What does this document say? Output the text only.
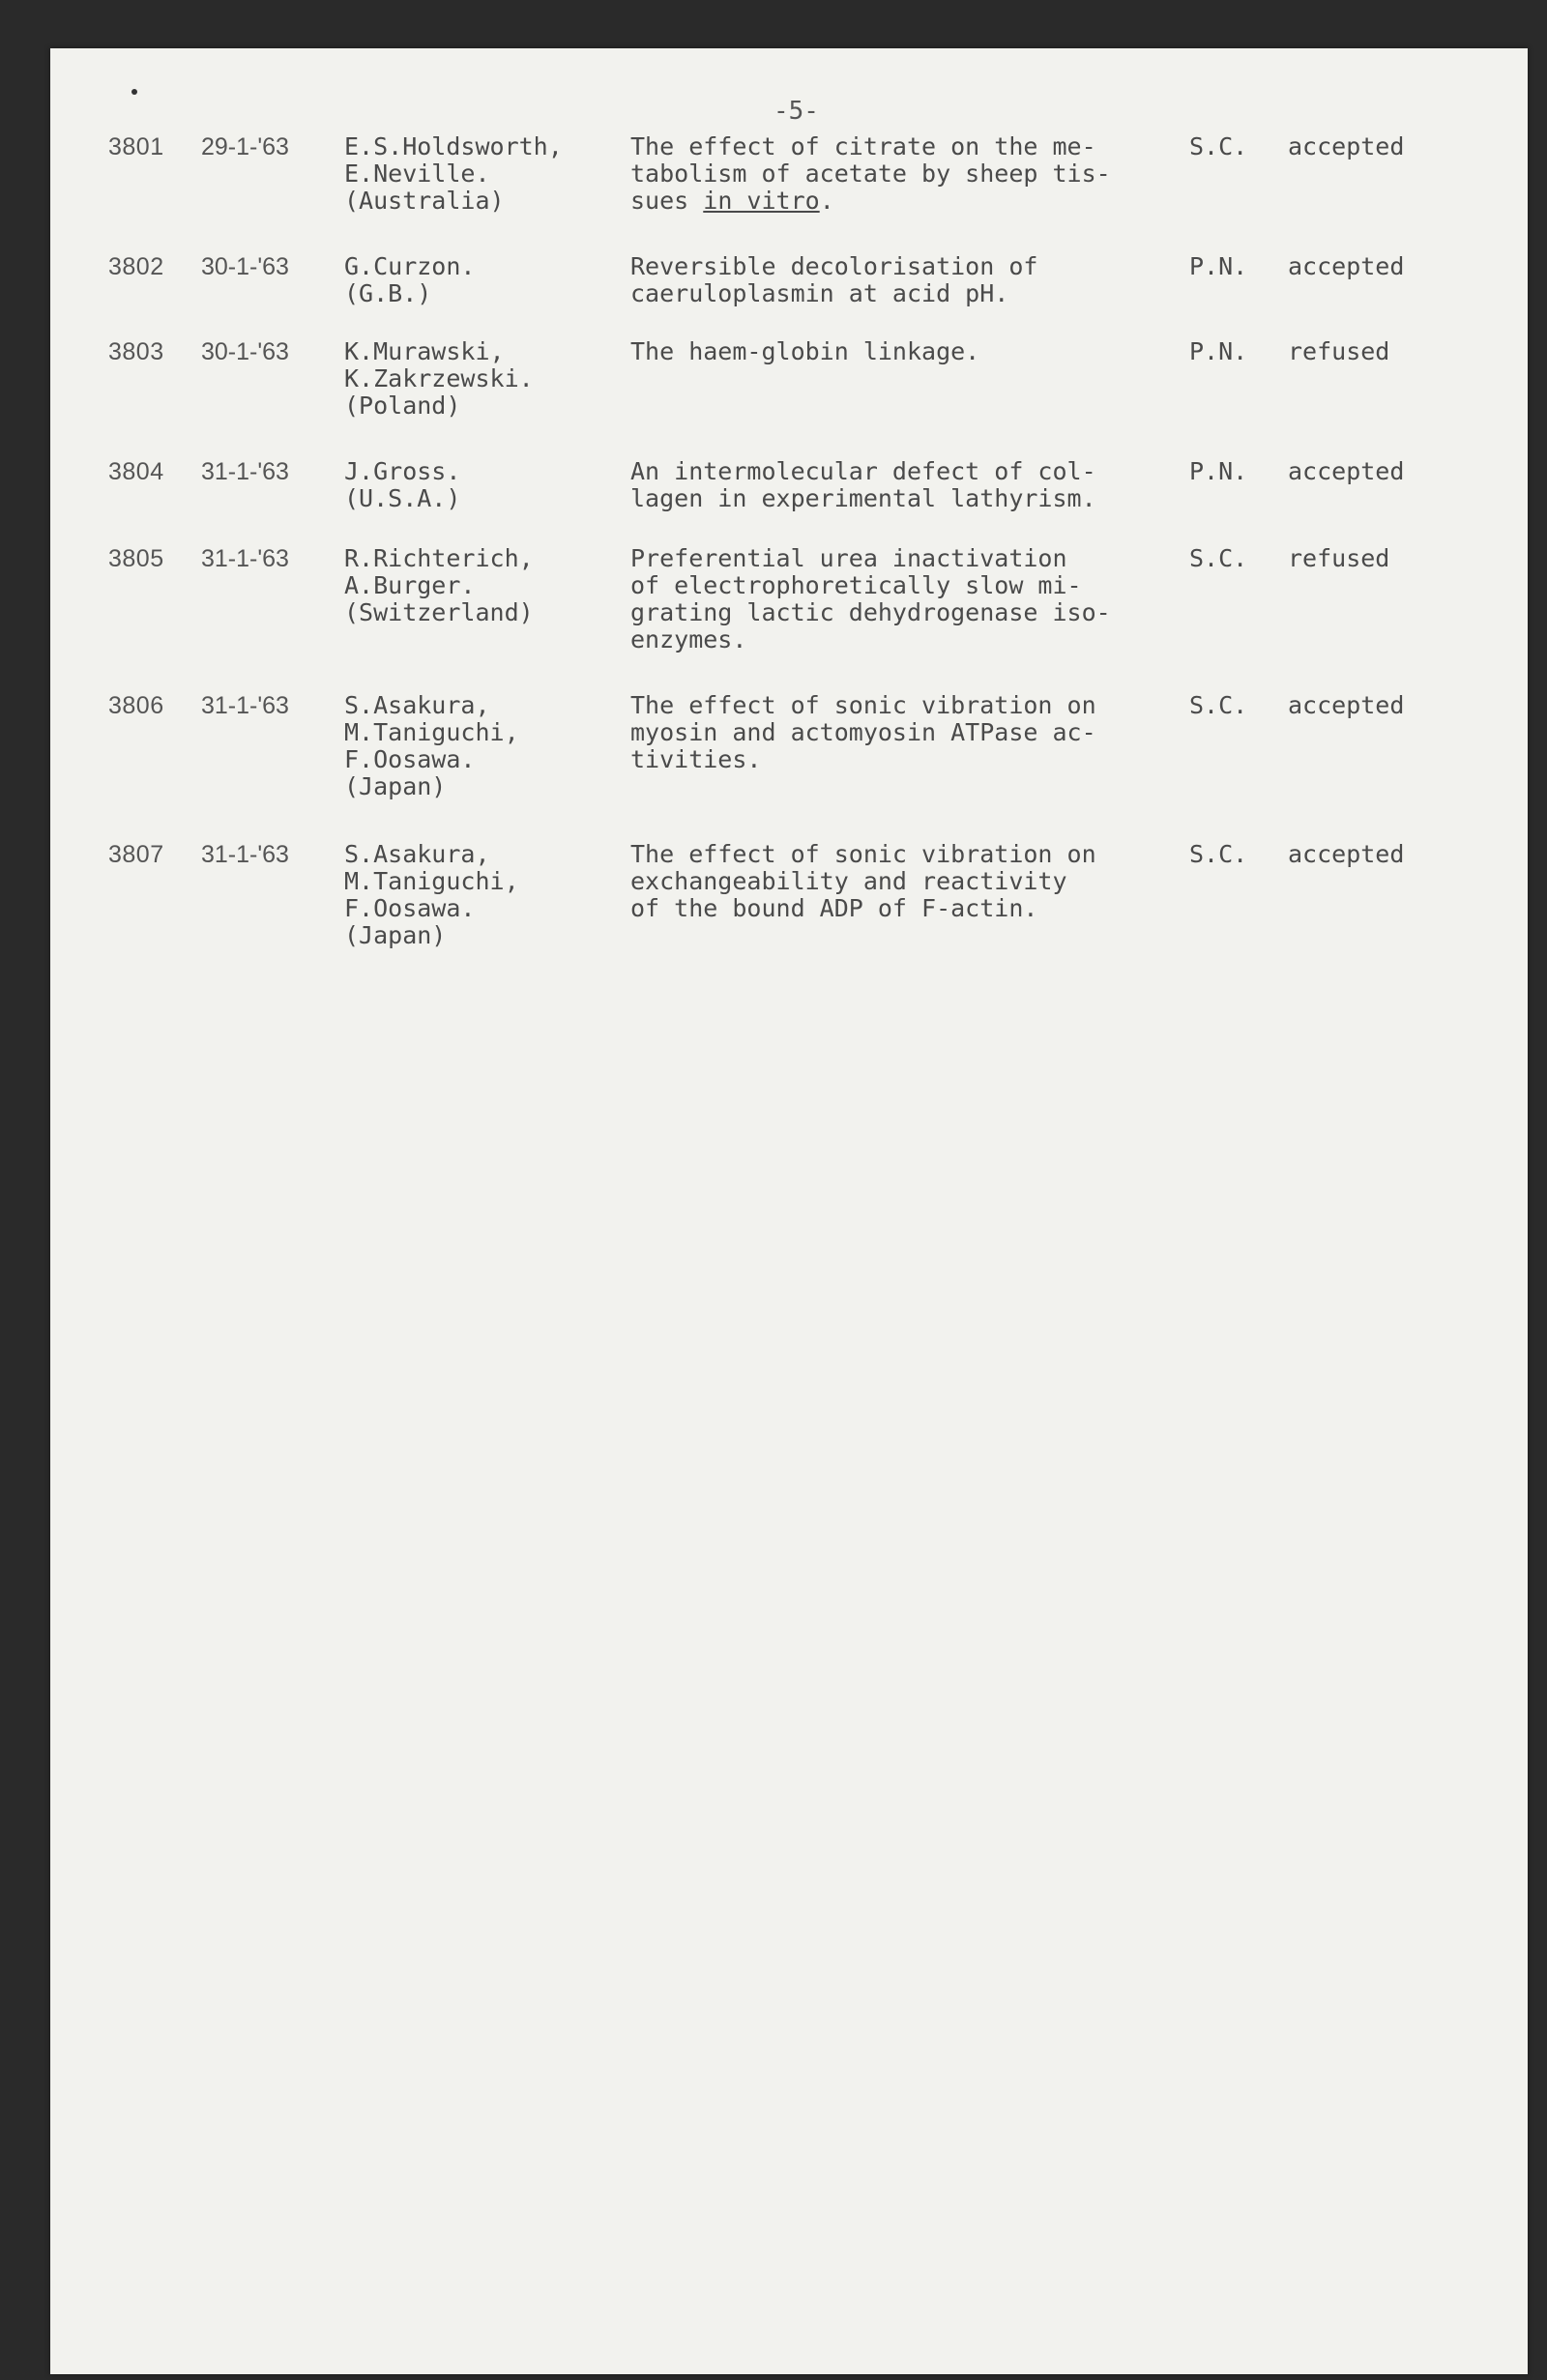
-5-
3801 29-1-'63 E.S.Holdsworth,
E.Neville.
(Australia)
The effect of citrate on the me-
tabolism of acetate by sheep tis-
sues in vitro.
S.C. accepted
3802 30-1-'63 G.Curzon.
(G.B.)
Reversible decolorisation of
caeruloplasmin at acid pH.
P.N. accepted
3803 30-1-'63 K.Murawski,
K.Zakrzewski.
(Poland)
The haem-globin linkage.	P.N. refused
3804 31-1-'63 J.Gross.
(U.S.A.)
An intermolecular defect of col-
lagen in experimental lathyrism.
P.N. accepted
3805 31-1-'63 R.Richterich,
A.Burger.
(Switzerland)
Preferential urea inactivation
of electrophoretically slow mi-
grating lactic dehydrogenase iso-
enzymes.
S.C. refused
3806 31-1-'63 S.Asakura,
M.Taniguchi,
F.Oosawa.
(Japan)
The effect of sonic vibration on
myosin and actomyosin ATPase ac-
tivities.
S.C. accepted
3807 31-1-'63 S.Asakura,
M.Taniguchi,
F.Oosawa.
(Japan)
The effect of sonic vibration on
exchangeability and reactivity
of the bound ADP of F-actin.
S.C. accepted
